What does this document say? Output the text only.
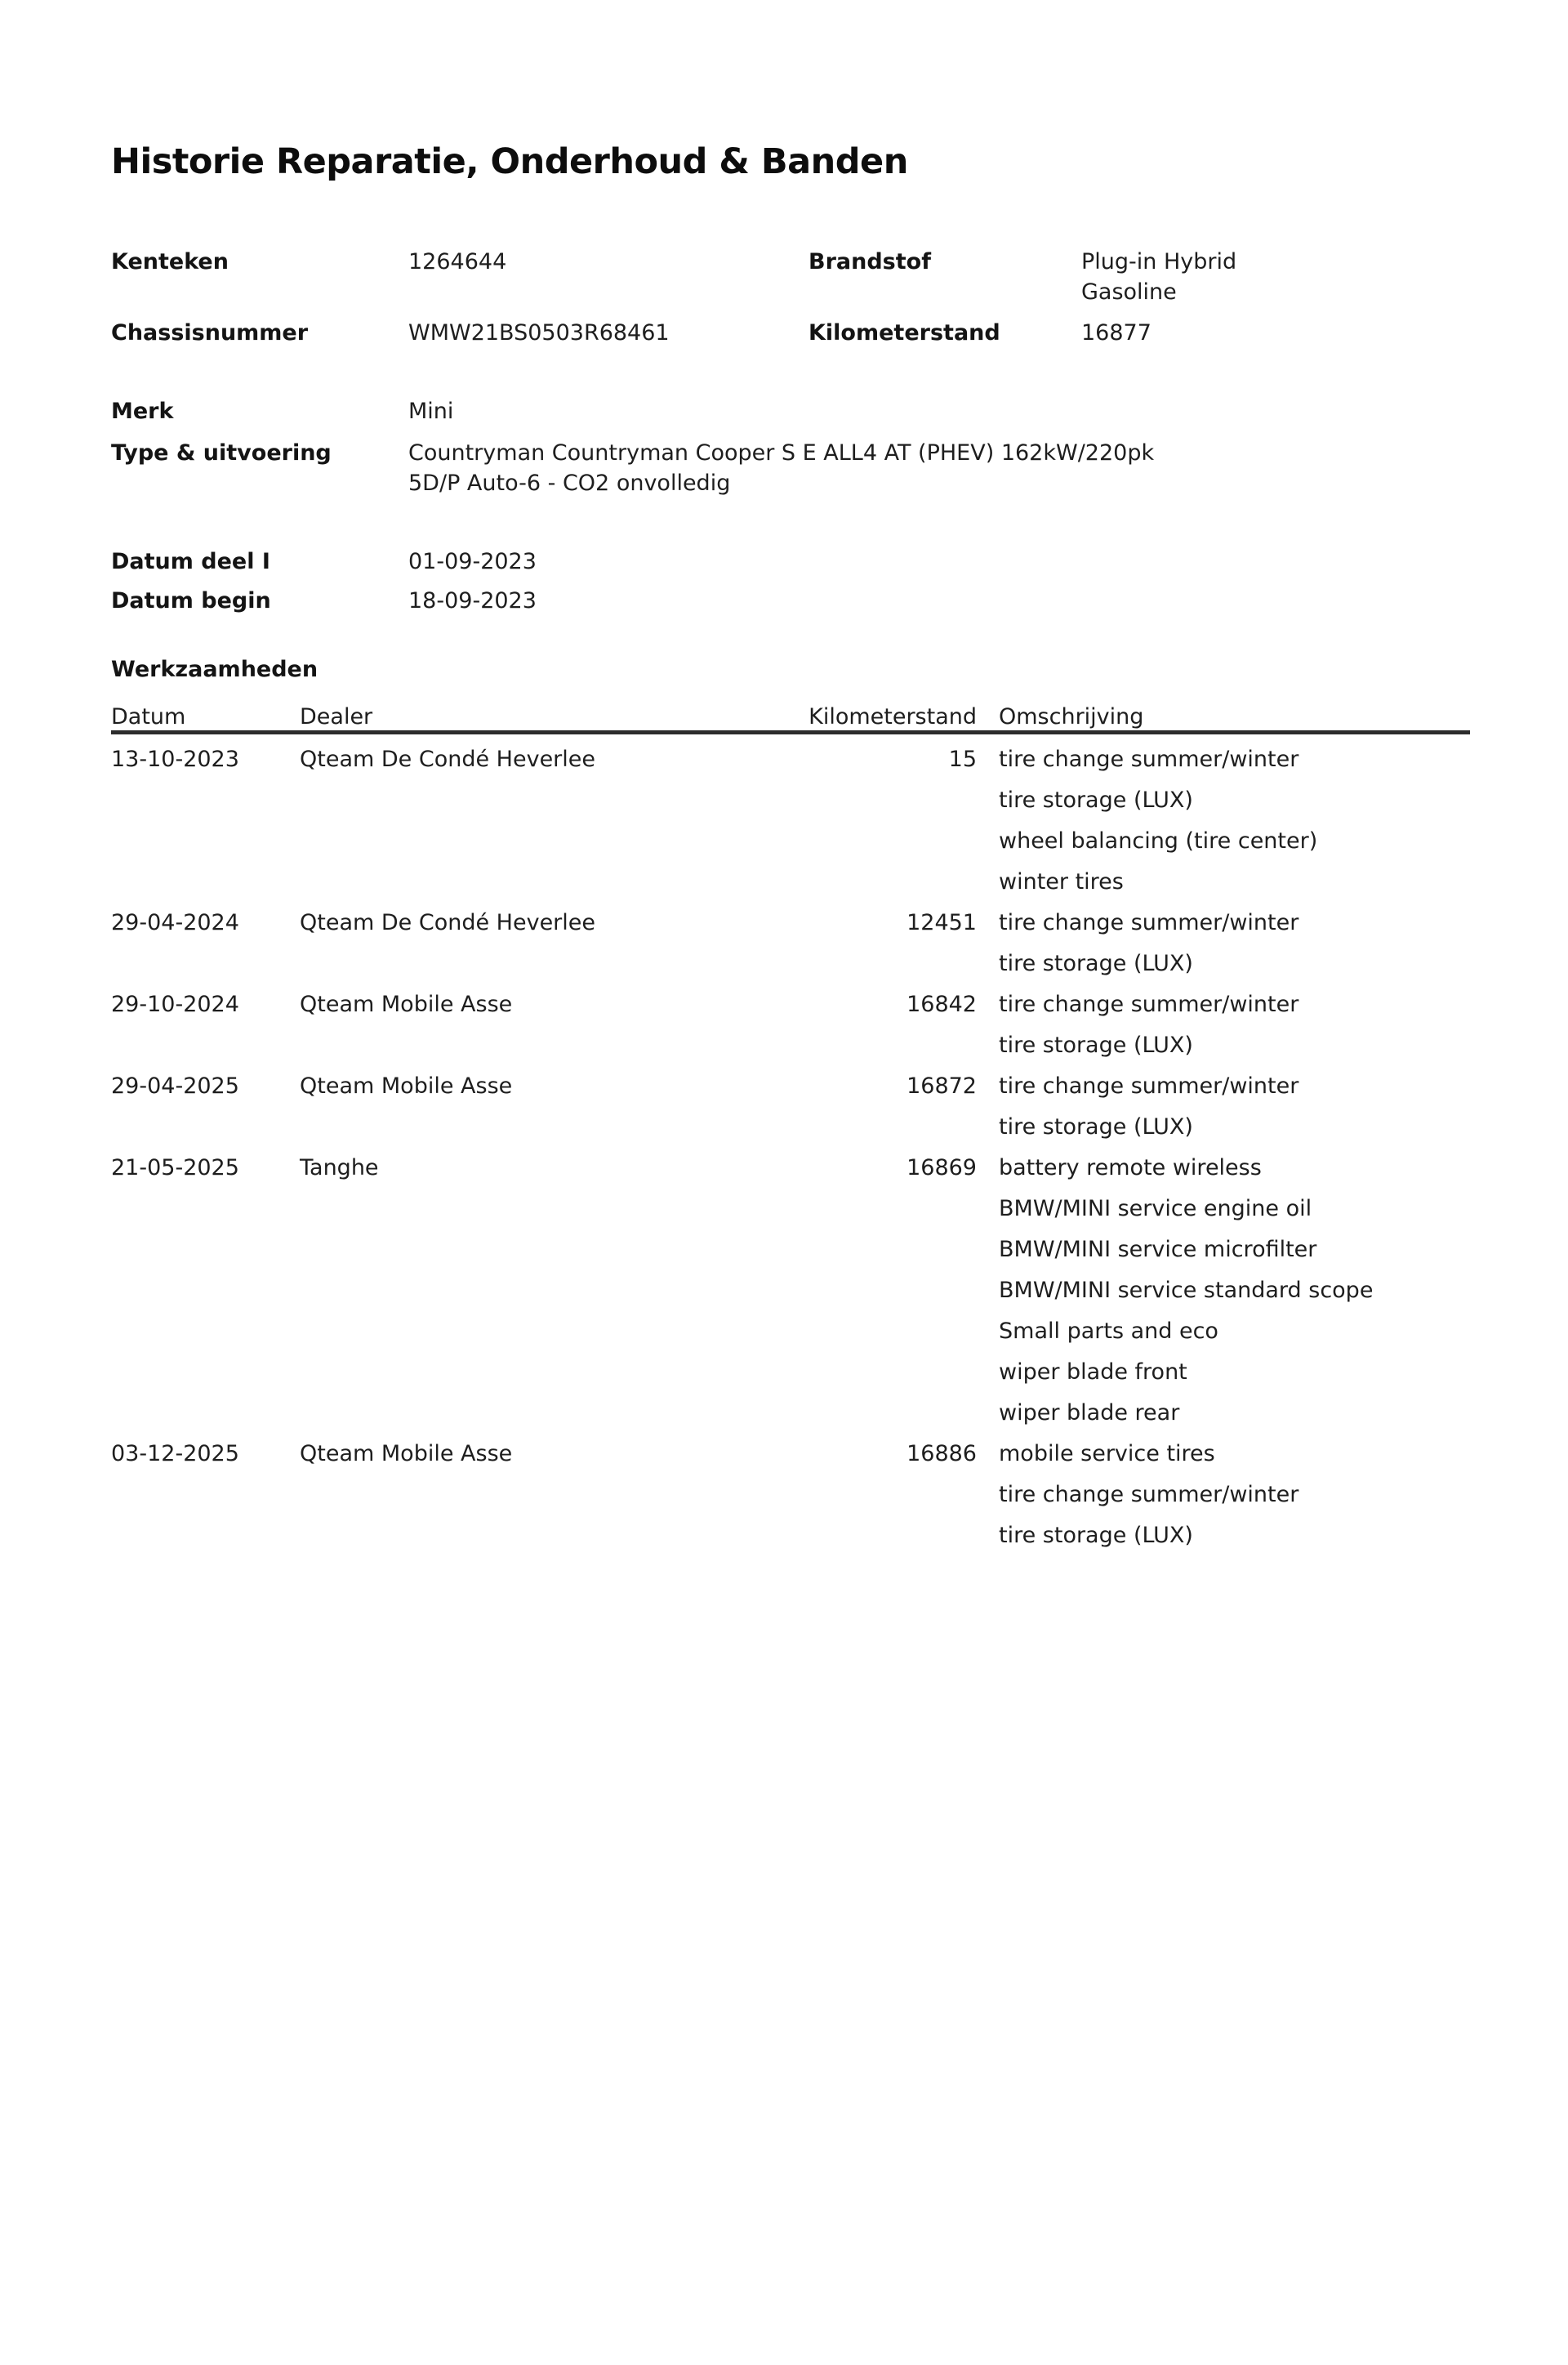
Historie Reparatie, Onderhoud & Banden
Kenteken	1264644	Brandstof	Plug-in Hybrid
Gasoline
Chassisnummer	WMW21BS0503R68461	Kilometerstand	16877
Merk	Mini
Type & uitvoering	Countryman Countryman Cooper S E ALL4 AT (PHEV) 162kW/220pk
5D/P Auto-6 - CO2 onvolledig
Datum deel I	01-09-2023
Datum begin	18-09-2023
Werkzaamheden
Datum	Dealer	Kilometerstand	Omschrijving
13-10-2023	Qteam De Condé Heverlee	15	tire change summer/winter
			tire storage (LUX)
			wheel balancing (tire center)
			winter tires
29-04-2024	Qteam De Condé Heverlee	12451	tire change summer/winter
			tire storage (LUX)
29-10-2024	Qteam Mobile Asse	16842	tire change summer/winter
			tire storage (LUX)
29-04-2025	Qteam Mobile Asse	16872	tire change summer/winter
			tire storage (LUX)
21-05-2025	Tanghe	16869	battery remote wireless
			BMW/MINI service engine oil
			BMW/MINI service microfilter
			BMW/MINI service standard scope
			Small parts and eco
			wiper blade front
			wiper blade rear
03-12-2025	Qteam Mobile Asse	16886	mobile service tires
			tire change summer/winter
			tire storage (LUX)
